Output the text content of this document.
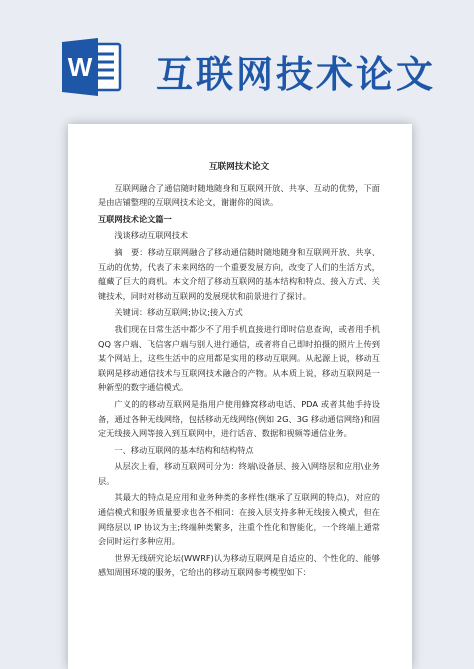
W 互联网技术论文
互联网技术论文

互联网融合了通信随时随地随身和互联网开放、共享、互动的优势，下面是由店铺整理的互联网技术论文，谢谢你的阅读。

互联网技术论文篇一

浅谈移动互联网技术

摘　要：移动互联网融合了移动通信随时随地随身和互联网开放、共享、互动的优势，代表了未来网络的一个重要发展方向，改变了人们的生活方式，蕴藏了巨大的商机。本文介绍了移动互联网的基本结构和特点、接入方式、关键技术，同时对移动互联网的发展现状和前景进行了探讨。

关键词：移动互联网;协议;接入方式

我们现在日常生活中都少不了用手机直接进行即时信息查询，或者用手机 QQ 客户端、飞信客户端与别人进行通信，或者将自己即时拍摄的照片上传到某个网站上，这些生活中的应用都是实用的移动互联网。从起源上说，移动互联网是移动通信技术与互联网技术融合的产物。从本质上说，移动互联网是一种新型的数字通信模式。

广义的的移动互联网是指用户使用蜂窝移动电话、PDA 或者其他手持设备，通过各种无线网络，包括移动无线网络(例如 2G、3G 移动通信网络)和固定无线接入网等接入到互联网中，进行话音、数据和视频等通信业务。

一、移动互联网的基本结构和结构特点

从层次上看，移动互联网可分为：终端\设备层、接入\网络层和应用\业务层。

其最大的特点是应用和业务种类的多样性(继承了互联网的特点)，对应的通信模式和服务质量要求也各不相同：在接入层支持多种无线接入模式，但在网络层以 IP 协议为主;终端种类繁多，注重个性化和智能化，一个终端上通常会同时运行多种应用。

世界无线研究论坛(WWRF)认为移动互联网是自适应的、个性化的、能够感知周围环境的服务，它给出的移动互联网参考模型如下：
